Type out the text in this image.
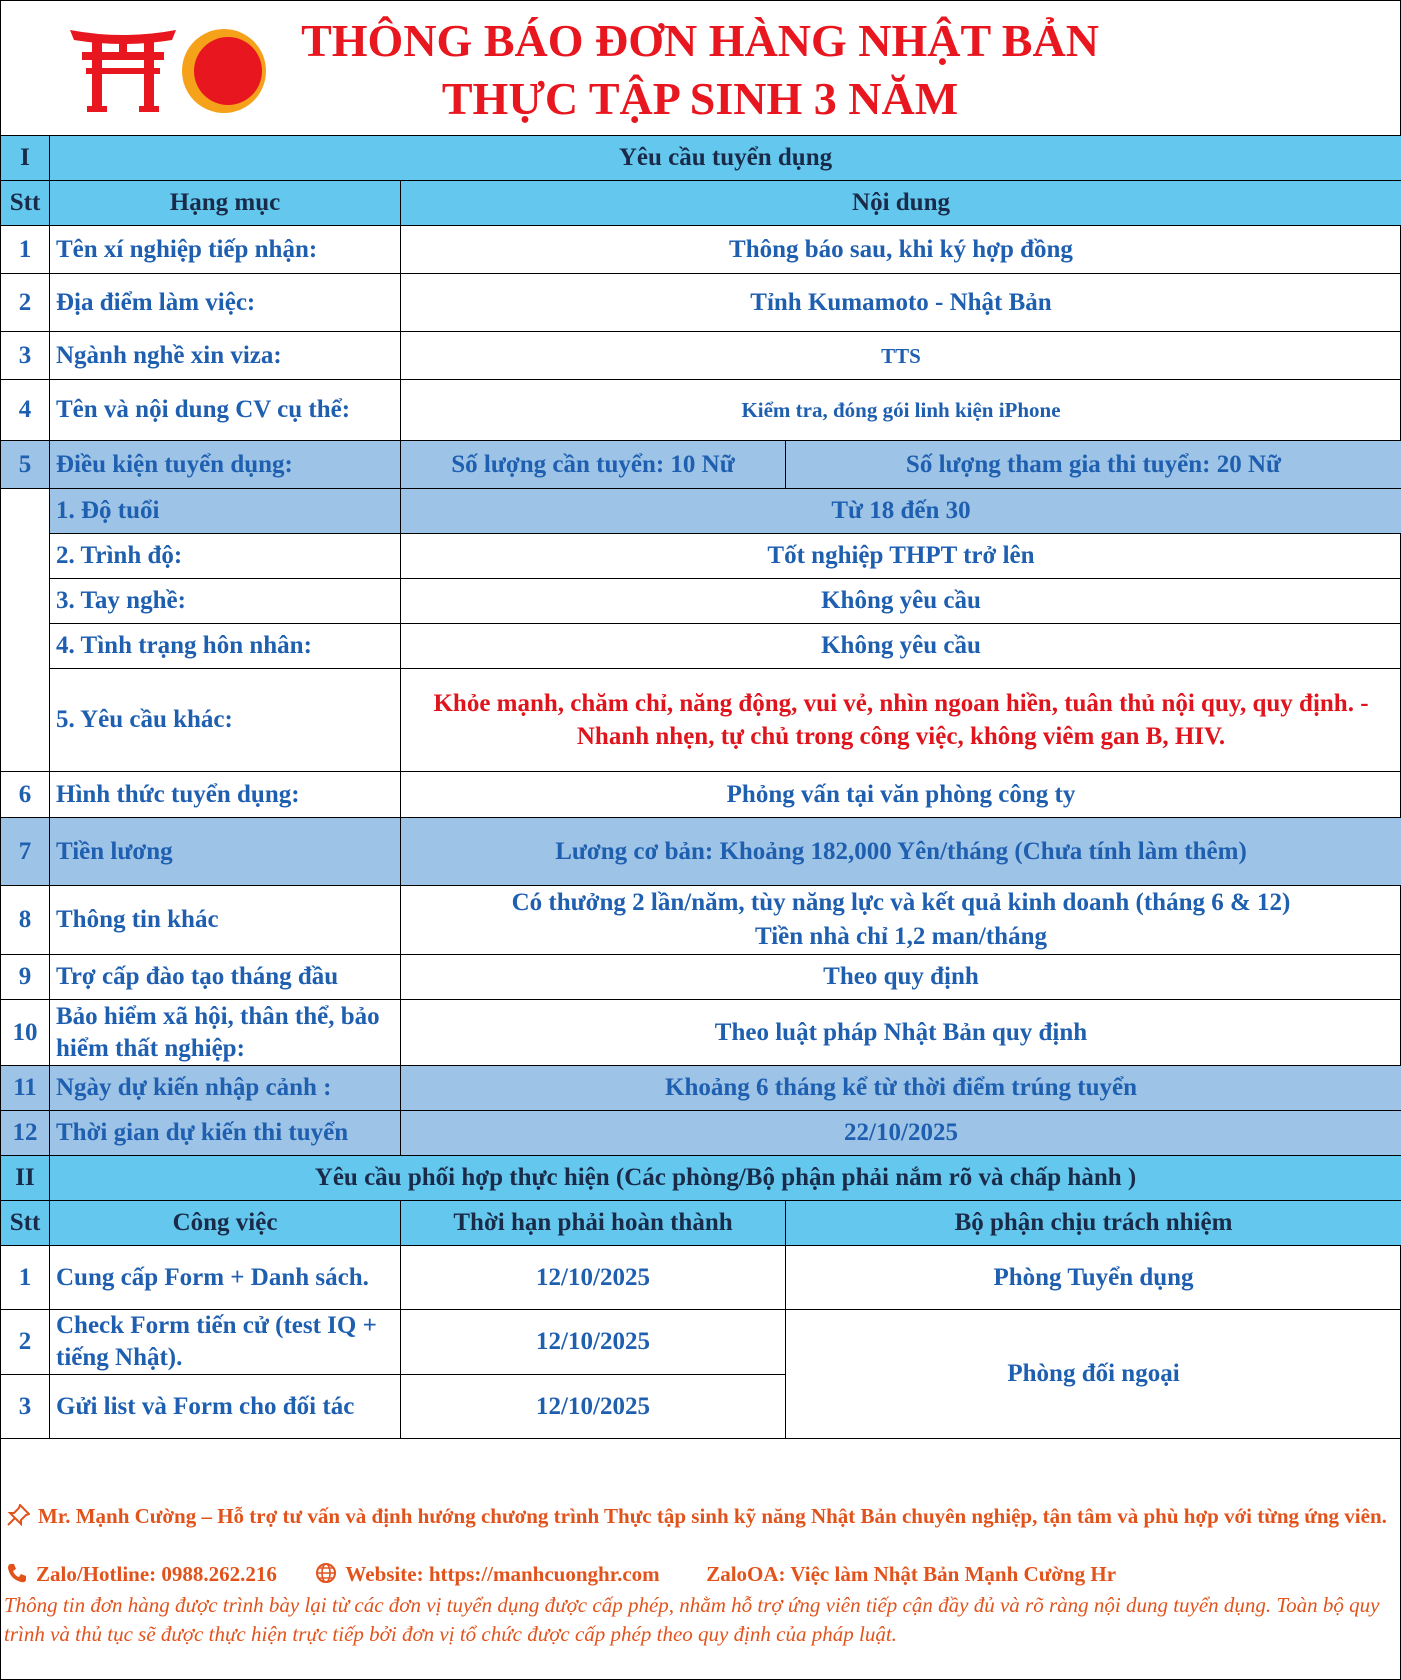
THÔNG BÁO ĐƠN HÀNG NHẬT BẢN
THỰC TẬP SINH 3 NĂM
I	Yêu cầu tuyển dụng		
Stt	Hạng mục	Nội dung	
1	Tên xí nghiệp tiếp nhận:	Thông báo sau, khi ký hợp đồng	
2	Địa điểm làm việc:	Tỉnh Kumamoto - Nhật Bản	
3	Ngành nghề xin viza:	TTS	
4	Tên và nội dung CV cụ thể:	Kiểm tra, đóng gói linh kiện iPhone	
5	Điều kiện tuyển dụng:	Số lượng cần tuyển: 10 Nữ	Số lượng tham gia thi tuyển: 20 Nữ
	1. Độ tuổi	Từ 18 đến 30	
	2. Trình độ:	Tốt nghiệp THPT trở lên	
	3. Tay nghề:	Không yêu cầu	
	4. Tình trạng hôn nhân:	Không yêu cầu	
	5. Yêu cầu khác:	Khỏe mạnh, chăm chỉ, năng động, vui vẻ, nhìn ngoan hiền, tuân thủ nội quy, quy định. - Nhanh nhẹn, tự chủ trong công việc, không viêm gan B, HIV.	
6	Hình thức tuyển dụng:	Phỏng vấn tại văn phòng công ty	
7	Tiền lương	Lương cơ bản: Khoảng 182,000 Yên/tháng (Chưa tính làm thêm)	
8	Thông tin khác	Có thưởng 2 lần/năm, tùy năng lực và kết quả kinh doanh (tháng 6 & 12)
Tiền nhà chỉ 1,2 man/tháng	

9	Trợ cấp đào tạo tháng đầu	Theo quy định	
10	Bảo hiểm xã hội, thân thể, bảo hiểm thất nghiệp:	Theo luật pháp Nhật Bản quy định	
11	Ngày dự kiến nhập cảnh :	Khoảng 6 tháng kể từ thời điểm trúng tuyển	
12	Thời gian dự kiến thi tuyển	22/10/2025	
II	Yêu cầu phối hợp thực hiện (Các phòng/Bộ phận phải nắm rõ và chấp hành )		
Stt	Công việc	Thời hạn phải hoàn thành	Bộ phận chịu trách nhiệm
1	Cung cấp Form + Danh sách.	12/10/2025	Phòng Tuyển dụng
2	Check Form tiến cử (test IQ + tiếng Nhật).	12/10/2025	Phòng đối ngoại
3	Gửi list và Form cho đối tác	12/10/2025	
Mr. Mạnh Cường – Hỗ trợ tư vấn và định hướng chương trình Thực tập sinh kỹ năng Nhật Bản chuyên nghiệp, tận tâm và phù hợp với từng ứng viên.
Zalo/Hotline: 0988.262.216	Website: https://manhcuonghr.com ZaloOA: Việc làm Nhật Bản Mạnh Cường Hr
Thông tin đơn hàng được trình bày lại từ các đơn vị tuyển dụng được cấp phép, nhằm hỗ trợ ứng viên tiếp cận đầy đủ và rõ ràng nội dung tuyển dụng. Toàn bộ quy trình và thủ tục sẽ được thực hiện trực tiếp bởi đơn vị tổ chức được cấp phép theo quy định của pháp luật.
